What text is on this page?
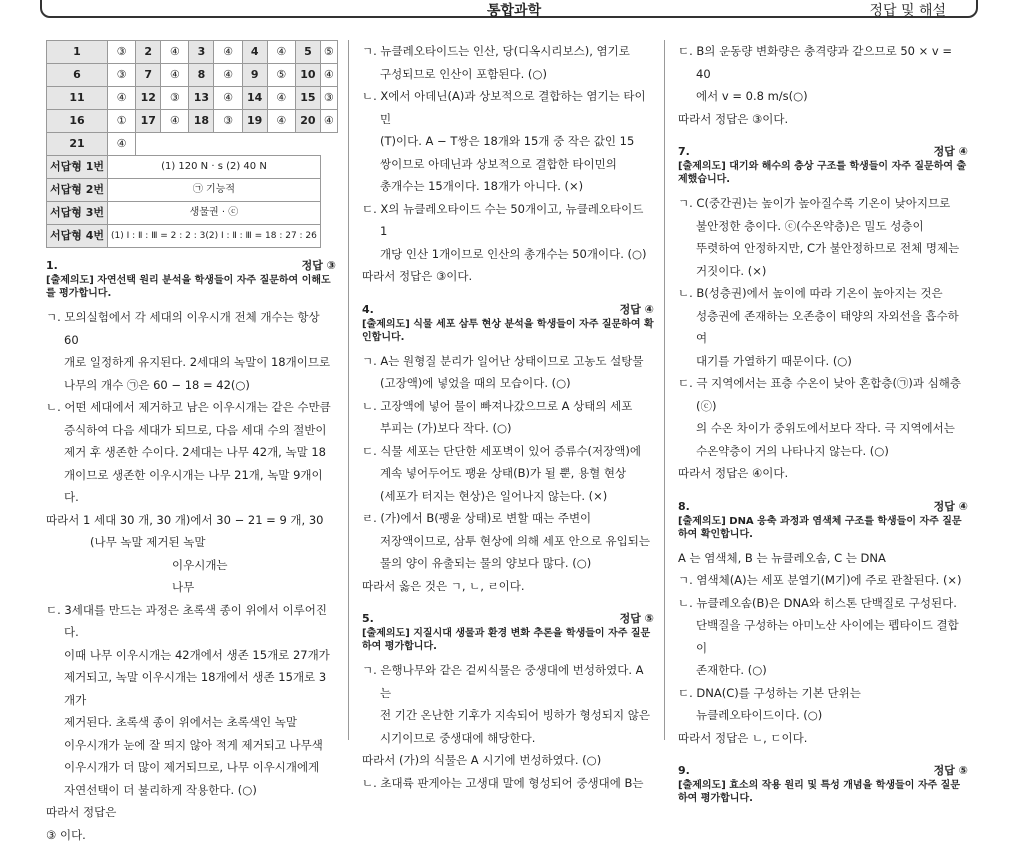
통합과학	정답 및 해설
1	③	2	④	3	④	4	④	5	⑤
6	③	7	④	8	④	9	⑤	10	④
11	④	12	③	13	④	14	④	15	③
16	①	17	④	18	③	19	④	20	④
21	④								
서답형 1번	(1) 120 N · s (2) 40 N								
서답형 2번	㉠ 기능적								
서답형 3번	생물권 · ⓒ								
서답형 4번	(1) Ⅰ : Ⅱ : Ⅲ = 2 : 2 : 3(2) Ⅰ : Ⅱ : Ⅲ = 18 : 27 : 26								
1.	정답 ③
[출제의도] 자연선택 원리 분석을 학생들이 자주 질문하여 이해도를 평가합니다.
ㄱ. 모의실험에서 각 세대의 이우시개 전체 개수는 항상 60
개로 일정하게 유지된다. 2세대의 녹말이 18개이므로
나무의 개수 ㉠은 60 − 18 = 42(○)
ㄴ. 어떤 세대에서 제거하고 남은 이우시개는 같은 수만큼
증식하여 다음 세대가 되므로, 다음 세대 수의 절반이
제거 후 생존한 수이다. 2세대는 나무 42개, 녹말 18
개이므로 생존한 이우시개는 나무 21개, 녹말 9개이다.
따라서 1 세대 30 개, 30 개)에서 30 − 21 = 9 개, 30
(나무 녹말 제거된 녹말
이우시개는
나무
ㄷ. 3세대를 만드는 과정은 초록색 종이 위에서 이루어진다.
이때 나무 이우시개는 42개에서 생존 15개로 27개가
제거되고, 녹말 이우시개는 18개에서 생존 15개로 3개가
제거된다. 초록색 종이 위에서는 초록색인 녹말
이우시개가 눈에 잘 띄지 않아 적게 제거되고 나무색
이우시개가 더 많이 제거되므로, 나무 이우시개에게
자연선택이 더 불리하게 작용한다. (○)
따라서 정답은
③ 이다.
ㄱ. 뉴클레오타이드는 인산, 당(디옥시리보스), 염기로
구성되므로 인산이 포함된다. (○)
ㄴ. X에서 아데닌(A)과 상보적으로 결합하는 염기는 타이민
(T)이다. A − T쌍은 18개와 15개 중 작은 값인 15
쌍이므로 아데닌과 상보적으로 결합한 타이민의
총개수는 15개이다. 18개가 아니다. (×)
ㄷ. X의 뉴클레오타이드 수는 50개이고, 뉴클레오타이드 1
개당 인산 1개이므로 인산의 총개수는 50개이다. (○)
따라서 정답은 ③이다.
4.	정답 ④
[출제의도] 식물 세포 삼투 현상 분석을 학생들이 자주 질문하여 확인합니다.
ㄱ. A는 원형질 분리가 일어난 상태이므로 고농도 설탕물
(고장액)에 넣었을 때의 모습이다. (○)
ㄴ. 고장액에 넣어 물이 빠져나갔으므로 A 상태의 세포
부피는 (가)보다 작다. (○)
ㄷ. 식물 세포는 단단한 세포벽이 있어 증류수(저장액)에
계속 넣어두어도 팽윤 상태(B)가 될 뿐, 용혈 현상
(세포가 터지는 현상)은 일어나지 않는다. (×)
ㄹ. (가)에서 B(팽윤 상태)로 변할 때는 주변이
저장액이므로, 삼투 현상에 의해 세포 안으로 유입되는
물의 양이 유출되는 물의 양보다 많다. (○)
따라서 옳은 것은 ㄱ, ㄴ, ㄹ이다.
5.	정답 ⑤
[출제의도] 지질시대 생물과 환경 변화 추론을 학생들이 자주 질문하여 평가합니다.
ㄱ. 은행나무와 같은 겉씨식물은 중생대에 번성하였다. A는
전 기간 온난한 기후가 지속되어 빙하가 형성되지 않은
시기이므로 중생대에 해당한다.
따라서 (가)의 식물은 A 시기에 번성하였다. (○)
ㄴ. 초대륙 판게아는 고생대 말에 형성되어 중생대에 B는
ㄷ. B의 운동량 변화량은 충격량과 같으므로 50 × v = 40
에서 v = 0.8 m/s(○)
따라서 정답은 ③이다.
7.	정답 ④
[출제의도] 대기와 해수의 층상 구조를 학생들이 자주 질문하여 출제했습니다.
ㄱ. C(중간권)는 높이가 높아질수록 기온이 낮아지므로
불안정한 층이다. ⓒ(수온약층)은 밀도 성층이
뚜렷하여 안정하지만, C가 불안정하므로 전체 명제는
거짓이다. (×)
ㄴ. B(성층권)에서 높이에 따라 기온이 높아지는 것은
성층권에 존재하는 오존층이 태양의 자외선을 흡수하여
대기를 가열하기 때문이다. (○)
ㄷ. 극 지역에서는 표층 수온이 낮아 혼합층(㉠)과 심해층(ⓒ)
의 수온 차이가 중위도에서보다 작다. 극 지역에서는
수온약층이 거의 나타나지 않는다. (○)
따라서 정답은 ④이다.
8.	정답 ④
[출제의도] DNA 응축 과정과 염색체 구조를 학생들이 자주 질문하여 확인합니다.
A 는 염색체, B 는 뉴클레오솜, C 는 DNA
ㄱ. 염색체(A)는 세포 분열기(M기)에 주로 관찰된다. (×)
ㄴ. 뉴클레오솜(B)은 DNA와 히스톤 단백질로 구성된다.
단백질을 구성하는 아미노산 사이에는 펩타이드 결합이
존재한다. (○)
ㄷ. DNA(C)를 구성하는 기본 단위는
뉴클레오타이드이다. (○)
따라서 정답은 ㄴ, ㄷ이다.
9.	정답 ⑤
[출제의도] 효소의 작용 원리 및 특성 개념을 학생들이 자주 질문하여 평가합니다.
